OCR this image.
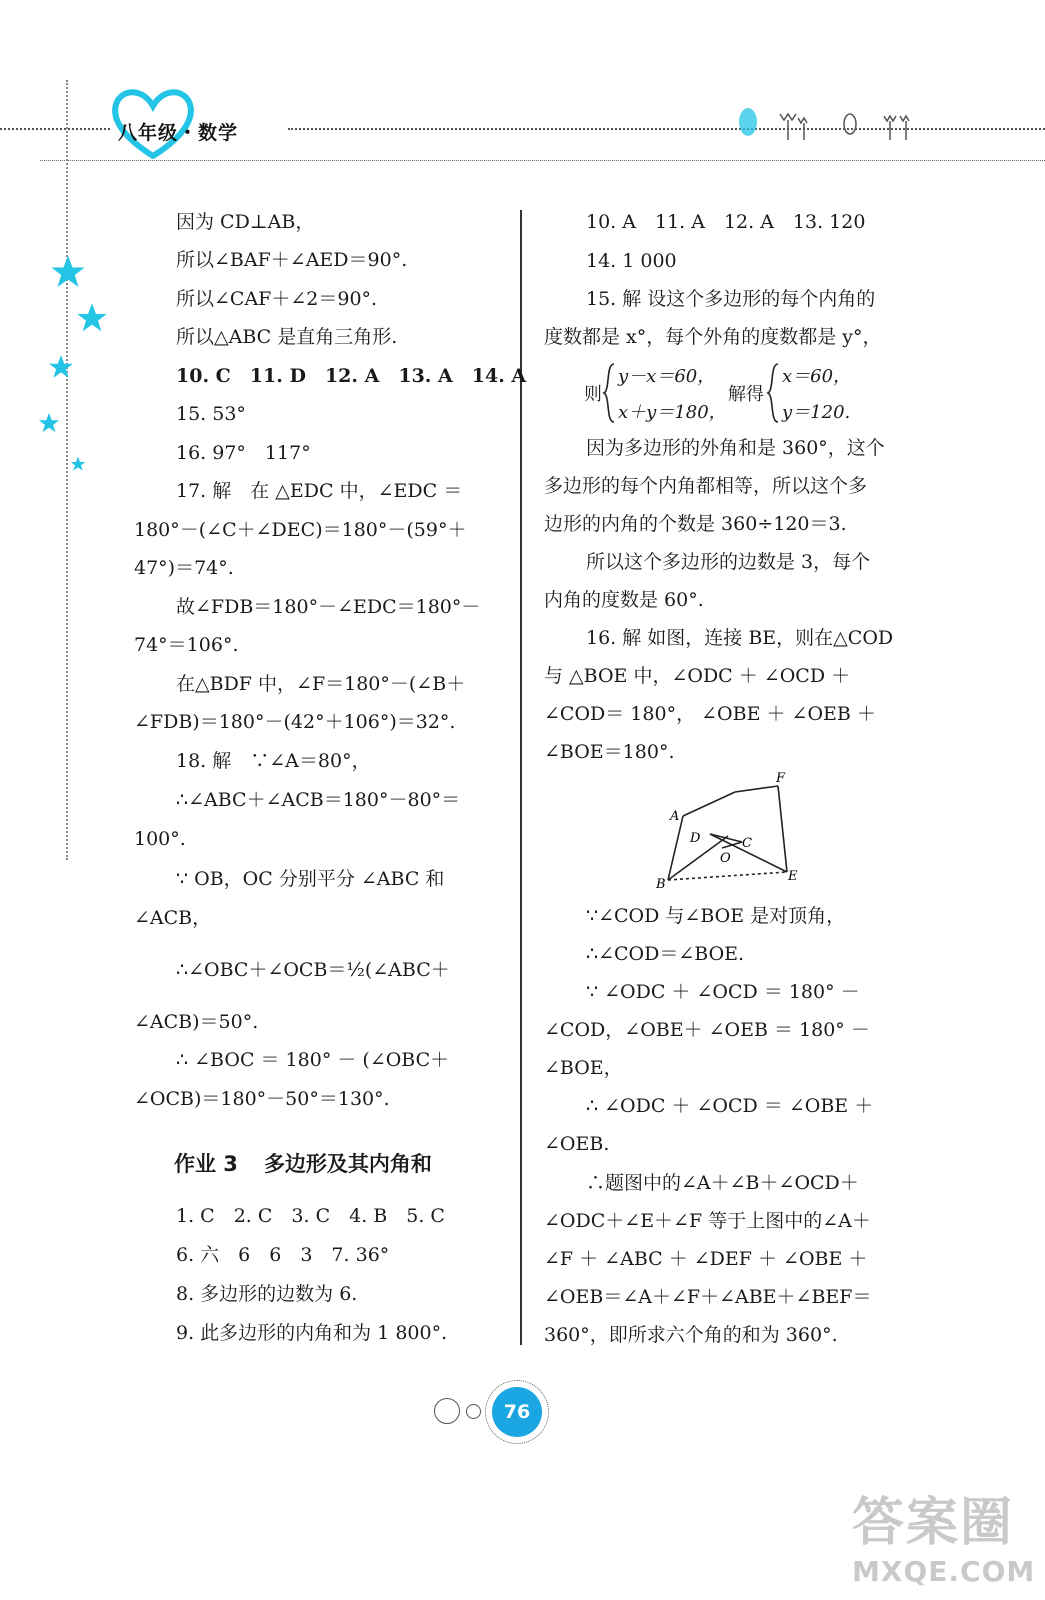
八年级・数学
因为 CD⊥AB，
所以∠BAF＋∠AED＝90°.
所以∠CAF＋∠2＝90°.
所以△ABC 是直角三角形.
10. C　11. D　12. A　13. A　14. A
15. 53°
16. 97°　117°
17. 解　在 △EDC 中，∠EDC ＝
180°－(∠C＋∠DEC)＝180°－(59°＋
47°)＝74°.
故∠FDB＝180°－∠EDC＝180°－
74°＝106°.
在△BDF 中，∠F＝180°－(∠B＋
∠FDB)＝180°－(42°＋106°)＝32°.
18. 解　∵∠A＝80°，
∴∠ABC＋∠ACB＝180°－80°＝
100°.
∵ OB，OC 分别平分 ∠ABC 和
∠ACB，
∴∠OBC＋∠OCB＝½(∠ABC＋
∠ACB)＝50°.
∴ ∠BOC ＝ 180° － (∠OBC＋
∠OCB)＝180°－50°＝130°.
作业 3 多边形及其内角和
1. C　2. C　3. C　4. B　5. C
6. 六　6　6　3　7. 36°
8. 多边形的边数为 6.
9. 此多边形的内角和为 1 800°.
10. A　11. A　12. A　13. 120
14. 1 000
15. 解 设这个多边形的每个内角的
度数都是 x°，每个外角的度数都是 y°，
则
y－x＝60，
x＋y＝180，
解得
x＝60，
y＝120.
因为多边形的外角和是 360°，这个
多边形的每个内角都相等，所以这个多
边形的内角的个数是 360÷120＝3.
所以这个多边形的边数是 3，每个
内角的度数是 60°.
16. 解 如图，连接 BE，则在△COD
与 △BOE 中，∠ODC ＋ ∠OCD ＋
∠COD＝ 180°， ∠OBE ＋ ∠OEB ＋
∠BOE＝180°.
F
A
D	C
O
B
E
∵∠COD 与∠BOE 是对顶角，
∴∠COD＝∠BOE.
∵ ∠ODC ＋ ∠OCD ＝ 180° －
∠COD，∠OBE＋ ∠OEB ＝ 180° －
∠BOE，
∴ ∠ODC ＋ ∠OCD ＝ ∠OBE ＋
∠OEB.
∴题图中的∠A＋∠B＋∠OCD＋
∠ODC＋∠E＋∠F 等于上图中的∠A＋
∠F ＋ ∠ABC ＋ ∠DEF ＋ ∠OBE ＋
∠OEB＝∠A＋∠F＋∠ABE＋∠BEF＝
360°，即所求六个角的和为 360°.
76
答案圈
MXQE.COM
